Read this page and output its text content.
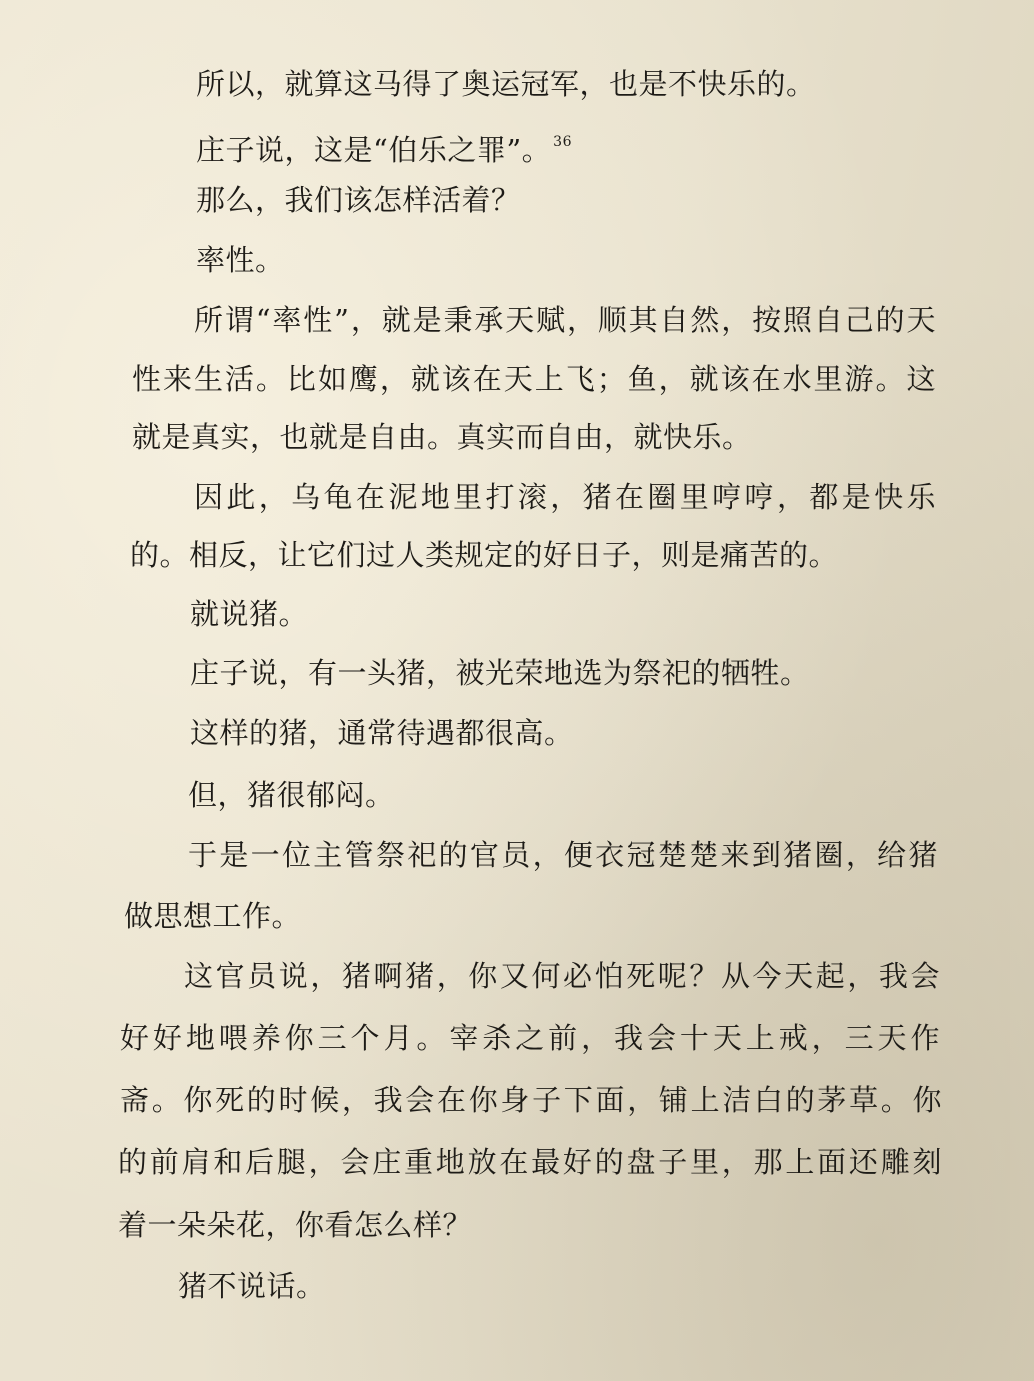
所以，就算这马得了奥运冠军，也是不快乐的。
庄子说，这是“伯乐之罪”。 $^{36}$
那么，我们该怎样活着？
率性。
所谓“率性”，就是秉承天赋，顺其自然，按照自己的天
性来生活。比如鹰，就该在天上飞；鱼，就该在水里游。这
就是真实，也就是自由。真实而自由，就快乐。
因此，乌龟在泥地里打滚，猪在圈里哼哼，都是快乐
的。相反，让它们过人类规定的好日子，则是痛苦的。
就说猪。
庄子说，有一头猪，被光荣地选为祭祀的牺牲。
这样的猪，通常待遇都很高。
但，猪很郁闷。
于是一位主管祭祀的官员，便衣冠楚楚来到猪圈，给猪
做思想工作。
这官员说，猪啊猪，你又何必怕死呢？从今天起，我会
好好地喂养你三个月。宰杀之前，我会十天上戒，三天作
斋。你死的时候，我会在你身子下面，铺上洁白的茅草。你
的前肩和后腿，会庄重地放在最好的盘子里，那上面还雕刻
着一朵朵花，你看怎么样？
猪不说话。
